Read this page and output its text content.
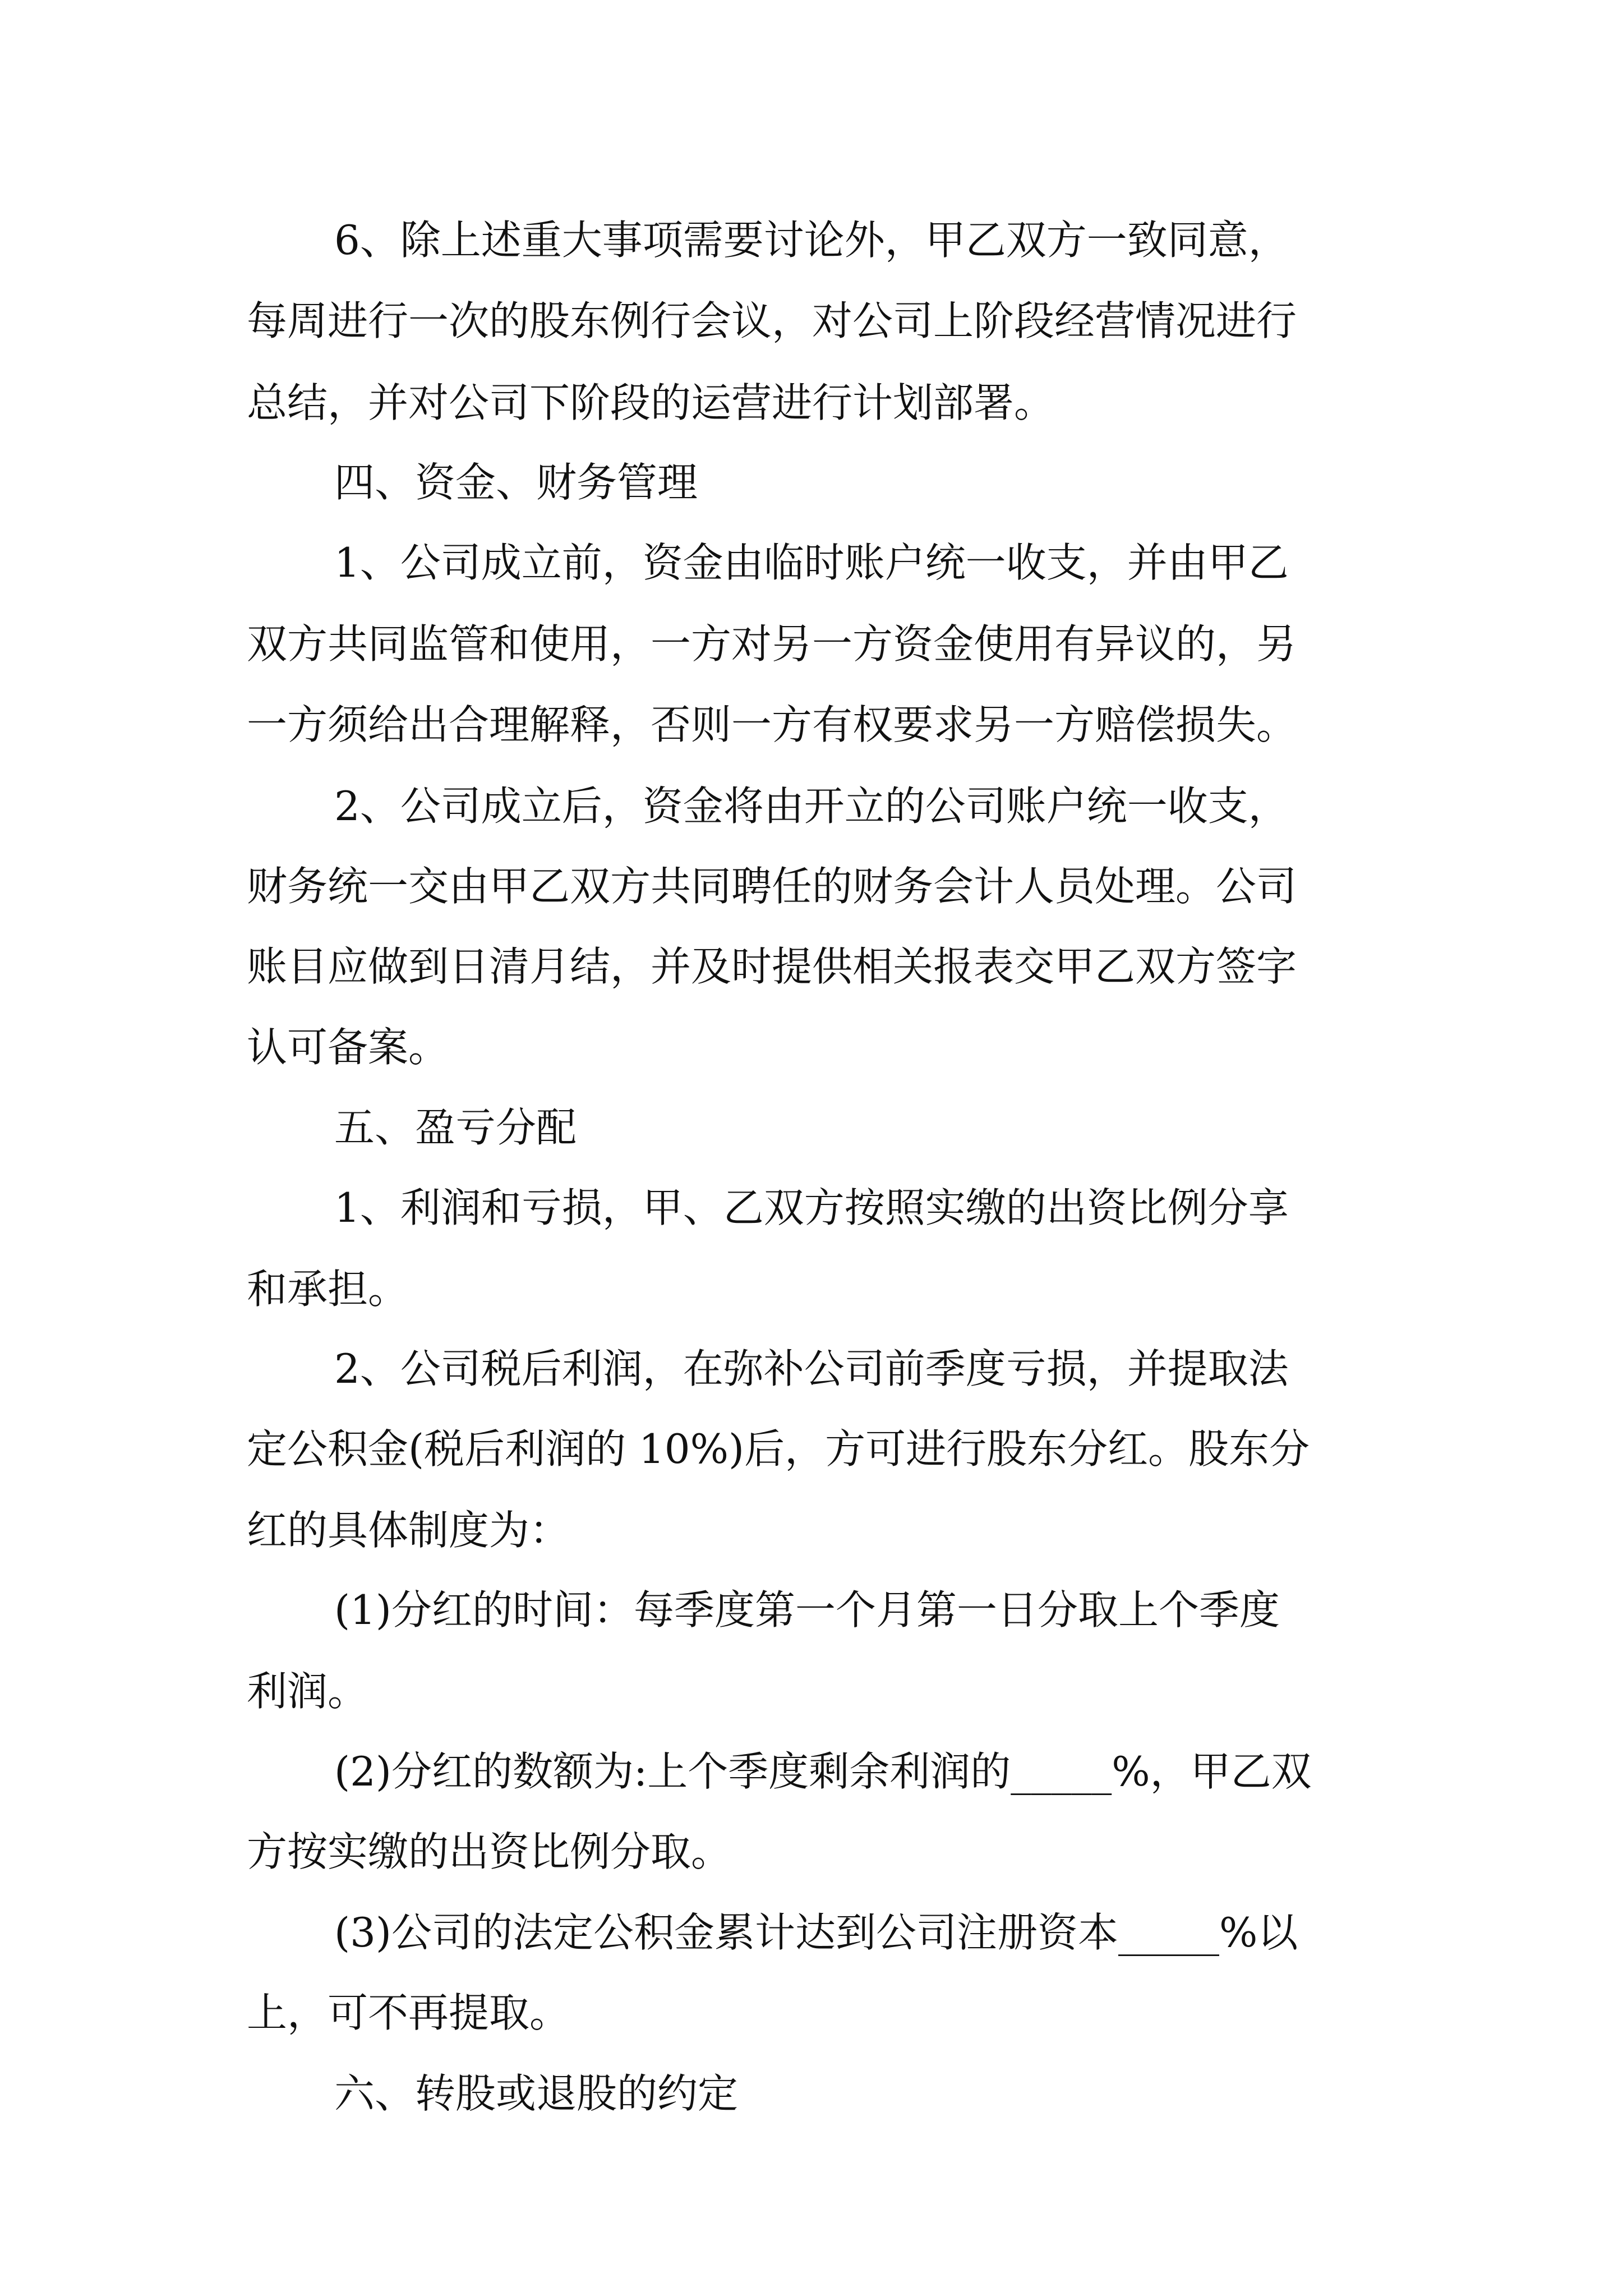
6、除上述重大事项需要讨论外，甲乙双方一致同意，
每周进行一次的股东例行会议，对公司上阶段经营情况进行
总结，并对公司下阶段的运营进行计划部署。
四、资金、财务管理
1、公司成立前，资金由临时账户统一收支，并由甲乙
双方共同监管和使用，一方对另一方资金使用有异议的，另
一方须给出合理解释，否则一方有权要求另一方赔偿损失。
2、公司成立后，资金将由开立的公司账户统一收支，
财务统一交由甲乙双方共同聘任的财务会计人员处理。公司
账目应做到日清月结，并及时提供相关报表交甲乙双方签字
认可备案。
五、盈亏分配
1、利润和亏损，甲、乙双方按照实缴的出资比例分享
和承担。
2、公司税后利润，在弥补公司前季度亏损，并提取法
定公积金(税后利润的 10%)后，方可进行股东分红。股东分
红的具体制度为：
(1)分红的时间：每季度第一个月第一日分取上个季度
利润。
(2)分红的数额为:上个季度剩余利润的_____%，甲乙双
方按实缴的出资比例分取。
(3)公司的法定公积金累计达到公司注册资本_____%以
上，可不再提取。
六、转股或退股的约定
